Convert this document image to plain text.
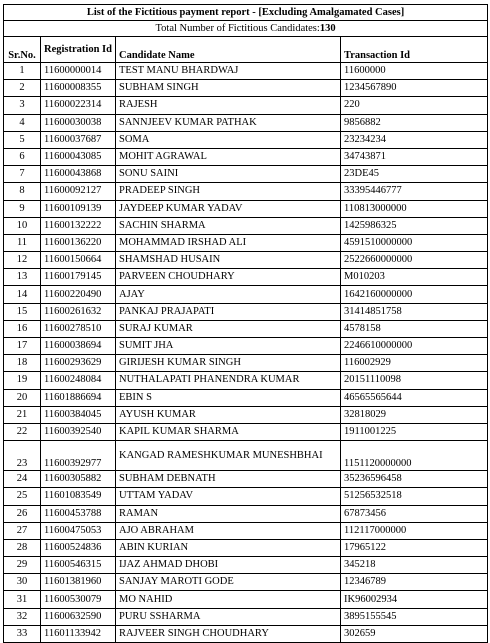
List of the Fictitious payment report - [Excluding Amalgamated Cases]			
Total Number of Fictitious Candidates:130			
Sr.No.	Registration Id	Candidate Name	Transaction Id
1	11600000014	TEST MANU BHARDWAJ	11600000
2	11600008355	SUBHAM SINGH	1234567890
3	11600022314	RAJESH	220
4	11600030038	SANNJEEV KUMAR PATHAK	9856882
5	11600037687	SOMA	23234234
6	11600043085	MOHIT AGRAWAL	34743871
7	11600043868	SONU SAINI	23DE45
8	11600092127	PRADEEP SINGH	33395446777
9	11600109139	JAYDEEP KUMAR YADAV	110813000000
10	11600132222	SACHIN SHARMA	1425986325
11	11600136220	MOHAMMAD IRSHAD ALI	4591510000000
12	11600150664	SHAMSHAD HUSAIN	2522660000000
13	11600179145	PARVEEN CHOUDHARY	M010203
14	11600220490	AJAY	1642160000000
15	11600261632	PANKAJ PRAJAPATI	31414851758
16	11600278510	SURAJ KUMAR	4578158
17	11600038694	SUMIT JHA	2246610000000
18	11600293629	GIRIJESH KUMAR SINGH	116002929
19	11600248084	NUTHALAPATI PHANENDRA KUMAR	20151110098
20	11601886694	EBIN S	46565565644
21	11600384045	AYUSH KUMAR	32818029
22	11600392540	KAPIL KUMAR SHARMA	1911001225
23	11600392977	KANGAD RAMESHKUMAR MUNESHBHAI	1151120000000
24	11600305882	SUBHAM DEBNATH	35236596458
25	11601083549	UTTAM YADAV	51256532518
26	11600453788	RAMAN	67873456
27	11600475053	AJO ABRAHAM	112117000000
28	11600524836	ABIN KURIAN	17965122
29	11600546315	IJAZ AHMAD DHOBI	345218
30	11601381960	SANJAY MAROTI GODE	12346789
31	11600530079	MO NAHID	IK96002934
32	11600632590	PURU SSHARMA	3895155545
33	11601133942	RAJVEER SINGH CHOUDHARY	302659
